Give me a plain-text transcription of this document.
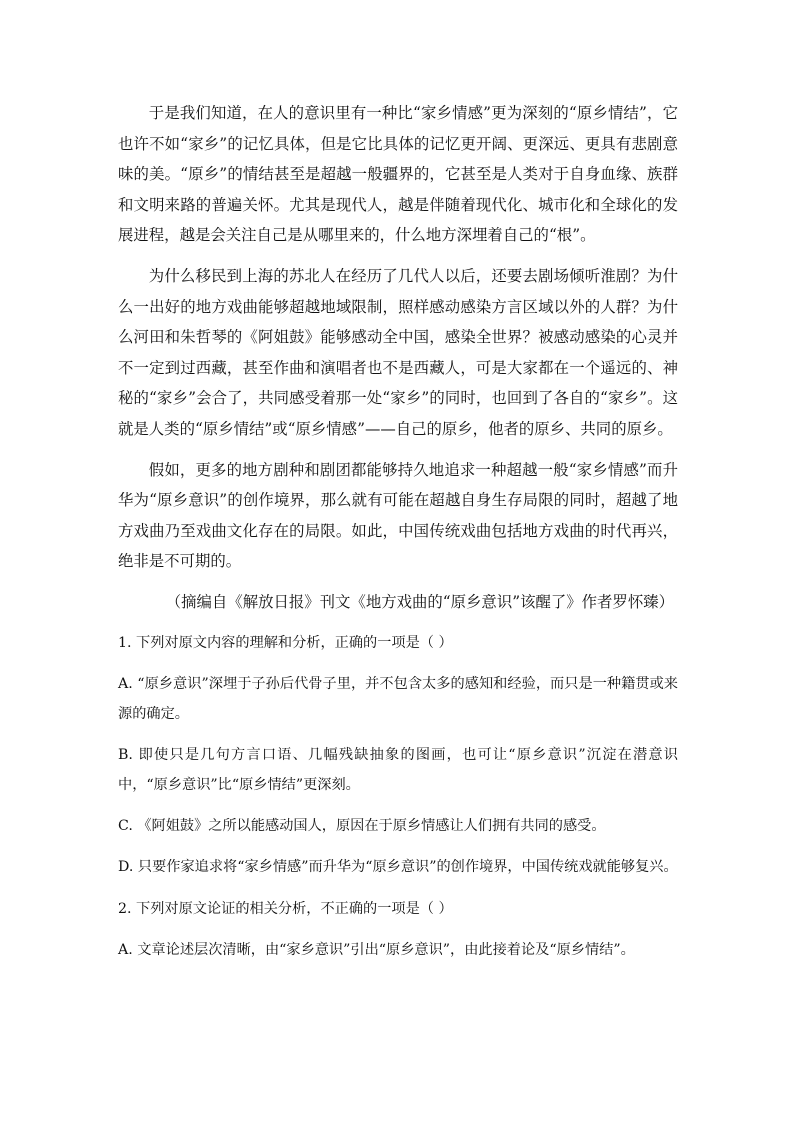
于是我们知道，在人的意识里有一种比“家乡情感”更为深刻的“原乡情结”，它也许不如“家乡”的记忆具体，但是它比具体的记忆更开阔、更深远、更具有悲剧意味的美。“原乡”的情结甚至是超越一般疆界的，它甚至是人类对于自身血缘、族群和文明来路的普遍关怀。尤其是现代人，越是伴随着现代化、城市化和全球化的发展进程，越是会关注自己是从哪里来的，什么地方深埋着自己的“根”。

为什么移民到上海的苏北人在经历了几代人以后，还要去剧场倾听淮剧？为什么一出好的地方戏曲能够超越地域限制，照样感动感染方言区域以外的人群？为什么河田和朱哲琴的《阿姐鼓》能够感动全中国，感染全世界？被感动感染的心灵并不一定到过西藏，甚至作曲和演唱者也不是西藏人，可是大家都在一个遥远的、神秘的“家乡”会合了，共同感受着那一处“家乡”的同时，也回到了各自的“家乡”。这就是人类的“原乡情结”或“原乡情感”——自己的原乡，他者的原乡、共同的原乡。

假如，更多的地方剧种和剧团都能够持久地追求一种超越一般“家乡情感”而升华为“原乡意识”的创作境界，那么就有可能在超越自身生存局限的同时，超越了地方戏曲乃至戏曲文化存在的局限。如此，中国传统戏曲包括地方戏曲的时代再兴，绝非是不可期的。

（摘编自《解放日报》刊文《地方戏曲的“原乡意识”该醒了》作者罗怀臻）

1. 下列对原文内容的理解和分析，正确的一项是（ ）

A. “原乡意识”深埋于子孙后代骨子里，并不包含太多的感知和经验，而只是一种籍贯或来源的确定。

B. 即使只是几句方言口语、几幅残缺抽象的图画，也可让“原乡意识”沉淀在潜意识中，“原乡意识”比“原乡情结”更深刻。

C. 《阿姐鼓》之所以能感动国人，原因在于原乡情感让人们拥有共同的感受。

D. 只要作家追求将“家乡情感”而升华为“原乡意识”的创作境界，中国传统戏就能够复兴。

2. 下列对原文论证的相关分析，不正确的一项是（ ）

A. 文章论述层次清晰，由“家乡意识”引出“原乡意识”，由此接着论及“原乡情结”。
